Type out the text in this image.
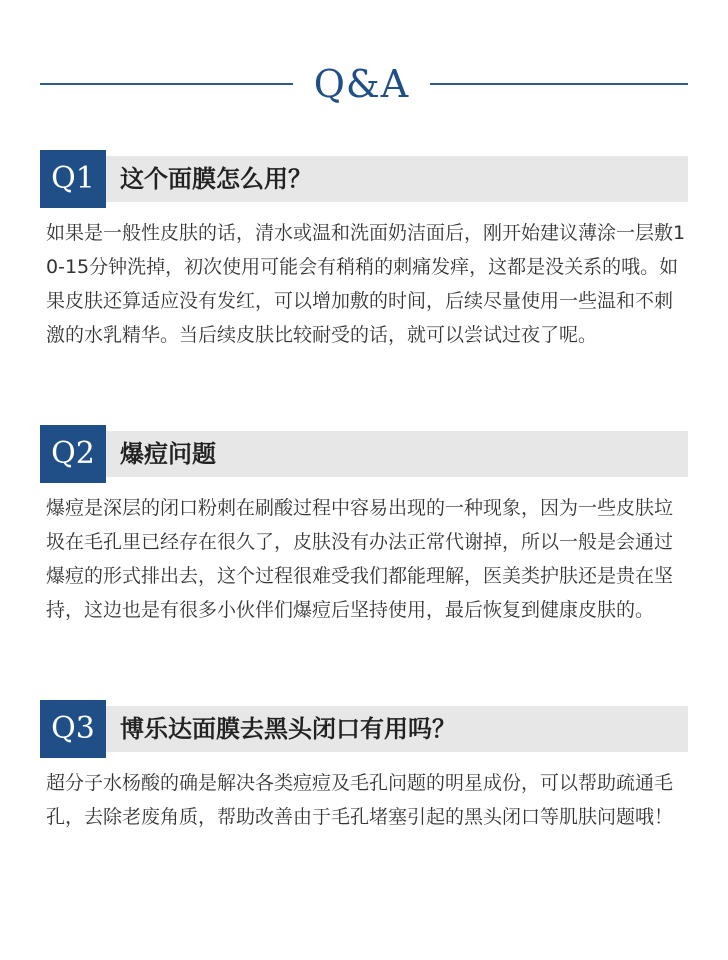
Q&A
Q1	这个面膜怎么用？
如果是一般性皮肤的话，清水或温和洗面奶洁面后，刚开始建议薄涂一层敷10-15分钟洗掉，初次使用可能会有稍稍的刺痛发痒，这都是没关系的哦。如果皮肤还算适应没有发红，可以增加敷的时间，后续尽量使用一些温和不刺激的水乳精华。当后续皮肤比较耐受的话，就可以尝试过夜了呢。
Q2	爆痘问题
爆痘是深层的闭口粉刺在刷酸过程中容易出现的一种现象，因为一些皮肤垃圾在毛孔里已经存在很久了，皮肤没有办法正常代谢掉，所以一般是会通过爆痘的形式排出去，这个过程很难受我们都能理解，医美类护肤还是贵在坚持，这边也是有很多小伙伴们爆痘后坚持使用，最后恢复到健康皮肤的。
Q3	博乐达面膜去黑头闭口有用吗？
超分子水杨酸的确是解决各类痘痘及毛孔问题的明星成份，可以帮助疏通毛孔，去除老废角质，帮助改善由于毛孔堵塞引起的黑头闭口等肌肤问题哦！
